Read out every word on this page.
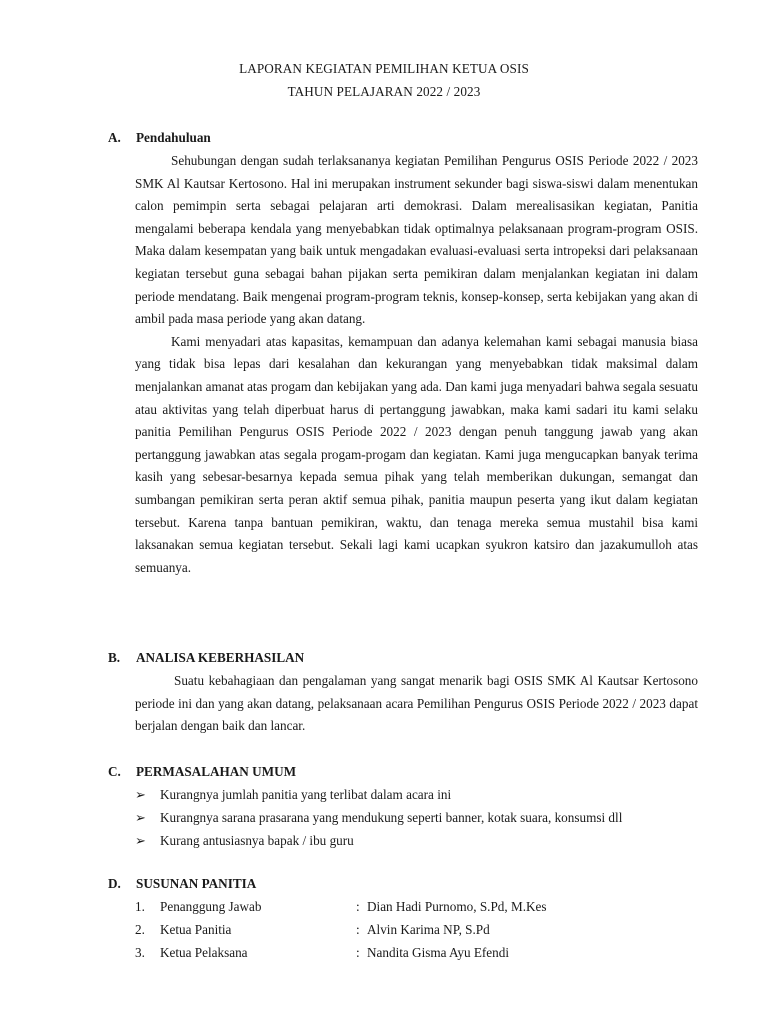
LAPORAN KEGIATAN PEMILIHAN KETUA OSIS
TAHUN PELAJARAN 2022 / 2023
A. Pendahuluan

Sehubungan dengan sudah terlaksananya kegiatan Pemilihan Pengurus OSIS Periode 2022 / 2023 SMK Al Kautsar Kertosono. Hal ini merupakan instrument sekunder bagi siswa-siswi dalam menentukan calon pemimpin serta sebagai pelajaran arti demokrasi. Dalam merealisasikan kegiatan, Panitia mengalami beberapa kendala yang menyebabkan tidak optimalnya pelaksanaan program-program OSIS. Maka dalam kesempatan yang baik untuk mengadakan evaluasi-evaluasi serta intropeksi dari pelaksanaan kegiatan tersebut guna sebagai bahan pijakan serta pemikiran dalam menjalankan kegiatan ini dalam periode mendatang. Baik mengenai program-program teknis, konsep-konsep, serta kebijakan yang akan di ambil pada masa periode yang akan datang.

Kami menyadari atas kapasitas, kemampuan dan adanya kelemahan kami sebagai manusia biasa yang tidak bisa lepas dari kesalahan dan kekurangan yang menyebabkan tidak maksimal dalam menjalankan amanat atas progam dan kebijakan yang ada. Dan kami juga menyadari bahwa segala sesuatu atau aktivitas yang telah diperbuat harus di pertanggung jawabkan, maka kami sadari itu kami selaku panitia Pemilihan Pengurus OSIS Periode 2022 / 2023 dengan penuh tanggung jawab yang akan pertanggung jawabkan atas segala progam-progam dan kegiatan. Kami juga mengucapkan banyak terima kasih yang sebesar-besarnya kepada semua pihak yang telah memberikan dukungan, semangat dan sumbangan pemikiran serta peran aktif semua pihak, panitia maupun peserta yang ikut dalam kegiatan tersebut. Karena tanpa bantuan pemikiran, waktu, dan tenaga mereka semua mustahil bisa kami laksanakan semua kegiatan tersebut. Sekali lagi kami ucapkan syukron katsiro dan jazakumulloh atas semuanya.

B. ANALISA KEBERHASILAN

Suatu kebahagiaan dan pengalaman yang sangat menarik bagi OSIS SMK Al Kautsar Kertosono periode ini dan yang akan datang, pelaksanaan acara Pemilihan Pengurus OSIS Periode 2022 / 2023 dapat berjalan dengan baik dan lancar.

C. PERMASALAHAN UMUM
➢ Kurangnya jumlah panitia yang terlibat dalam acara ini
➢ Kurangnya sarana prasarana yang mendukung seperti banner, kotak suara, konsumsi dll
➢ Kurang antusiasnya bapak / ibu guru
D. SUSUNAN PANITIA
1. Penanggung Jawab	: Dian Hadi Purnomo, S.Pd, M.Kes
2. Ketua Panitia	: Alvin Karima NP, S.Pd
3. Ketua Pelaksana	: Nandita Gisma Ayu Efendi
